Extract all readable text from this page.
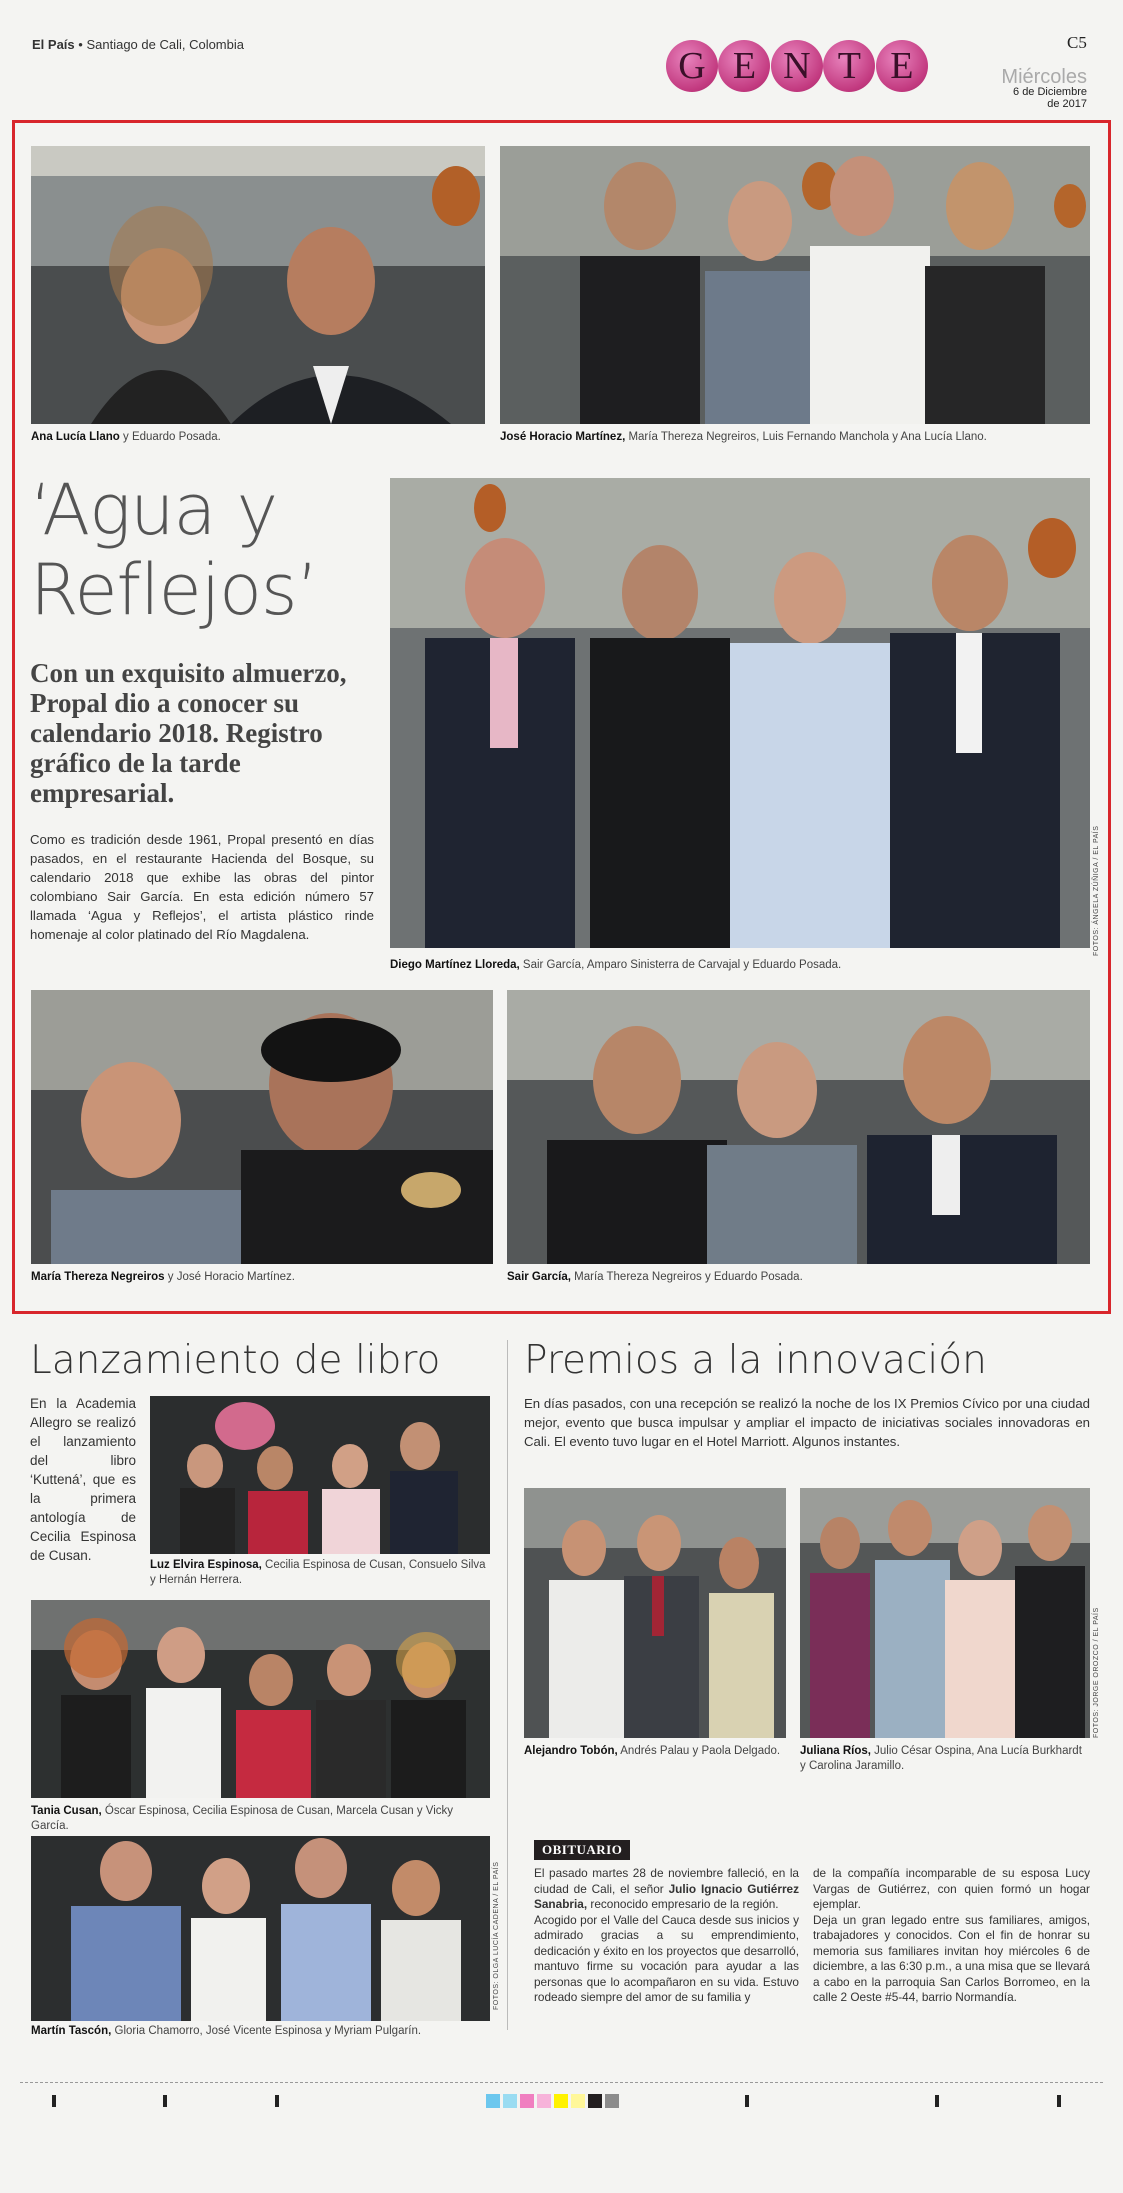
El País • Santiago de Cali, Colombia
G E N T E
C5
Miércoles
6 de Diciembre
de 2017
Ana Lucía Llano y Eduardo Posada.	José Horacio Martínez, María Thereza Negreiros, Luis Fernando Manchola y Ana Lucía Llano.
‘Agua y
Reflejos’
Con un exquisito almuerzo, Propal dio a conocer su calendario 2018. Registro gráfico de la tarde empresarial.
Como es tradición desde 1961, Propal presentó en días pasados, en el restaurante Hacienda del Bosque, su calendario 2018 que exhibe las obras del pintor colombiano Sair García. En esta edición número 57 llamada ‘Agua y Reflejos’, el artista plástico rinde homenaje al color platinado del Río Magdalena.	FOTOS: ÁNGELA ZÚÑIGA / EL PAÍS
Diego Martínez Lloreda, Sair García, Amparo Sinisterra de Carvajal y Eduardo Posada.
María Thereza Negreiros y José Horacio Martínez.	Sair García, María Thereza Negreiros y Eduardo Posada.
Lanzamiento de libro
En la Academia Allegro se realizó el lanzamiento del libro ‘Kuttená’, que es la primera antología de Cecilia Espinosa de Cusan.
Luz Elvira Espinosa, Cecilia Espinosa de Cusan, Consuelo Silva y Hernán Herrera.
Tania Cusan, Óscar Espinosa, Cecilia Espinosa de Cusan, Marcela Cusan y Vicky García.
FOTOS: OLGA LUCÍA CADENA / EL PAÍS
Martín Tascón, Gloria Chamorro, José Vicente Espinosa y Myriam Pulgarín.
Premios a la innovación
En días pasados, con una recepción se realizó la noche de los IX Premios Cívico por una ciudad mejor, evento que busca impulsar y ampliar el impacto de iniciativas sociales innovadoras en Cali. El evento tuvo lugar en el Hotel Marriott. Algunos instantes.
Alejandro Tobón, Andrés Palau y Paola Delgado.
FOTOS: JORGE OROZCO / EL PAÍS
Juliana Ríos, Julio César Ospina, Ana Lucía Burkhardt y Carolina Jaramillo.
OBITUARIO
El pasado martes 28 de noviembre falleció, en la ciudad de Cali, el señor Julio Ignacio Gutiérrez Sanabria, reconocido empresario de la región.
Acogido por el Valle del Cauca desde sus inicios y admirado gracias a su emprendimiento, dedicación y éxito en los proyectos que desarrolló, mantuvo firme su vocación para ayudar a las personas que lo acompañaron en su vida. Estuvo rodeado siempre del amor de su familia y
de la compañía incomparable de su esposa Lucy Vargas de Gutiérrez, con quien formó un hogar ejemplar.
Deja un gran legado entre sus familiares, amigos, trabajadores y conocidos. Con el fin de honrar su memoria sus familiares invitan hoy miércoles 6 de diciembre, a las 6:30 p.m., a una misa que se llevará a cabo en la parroquia San Carlos Borromeo, en la calle 2 Oeste #5-44, barrio Normandía.
